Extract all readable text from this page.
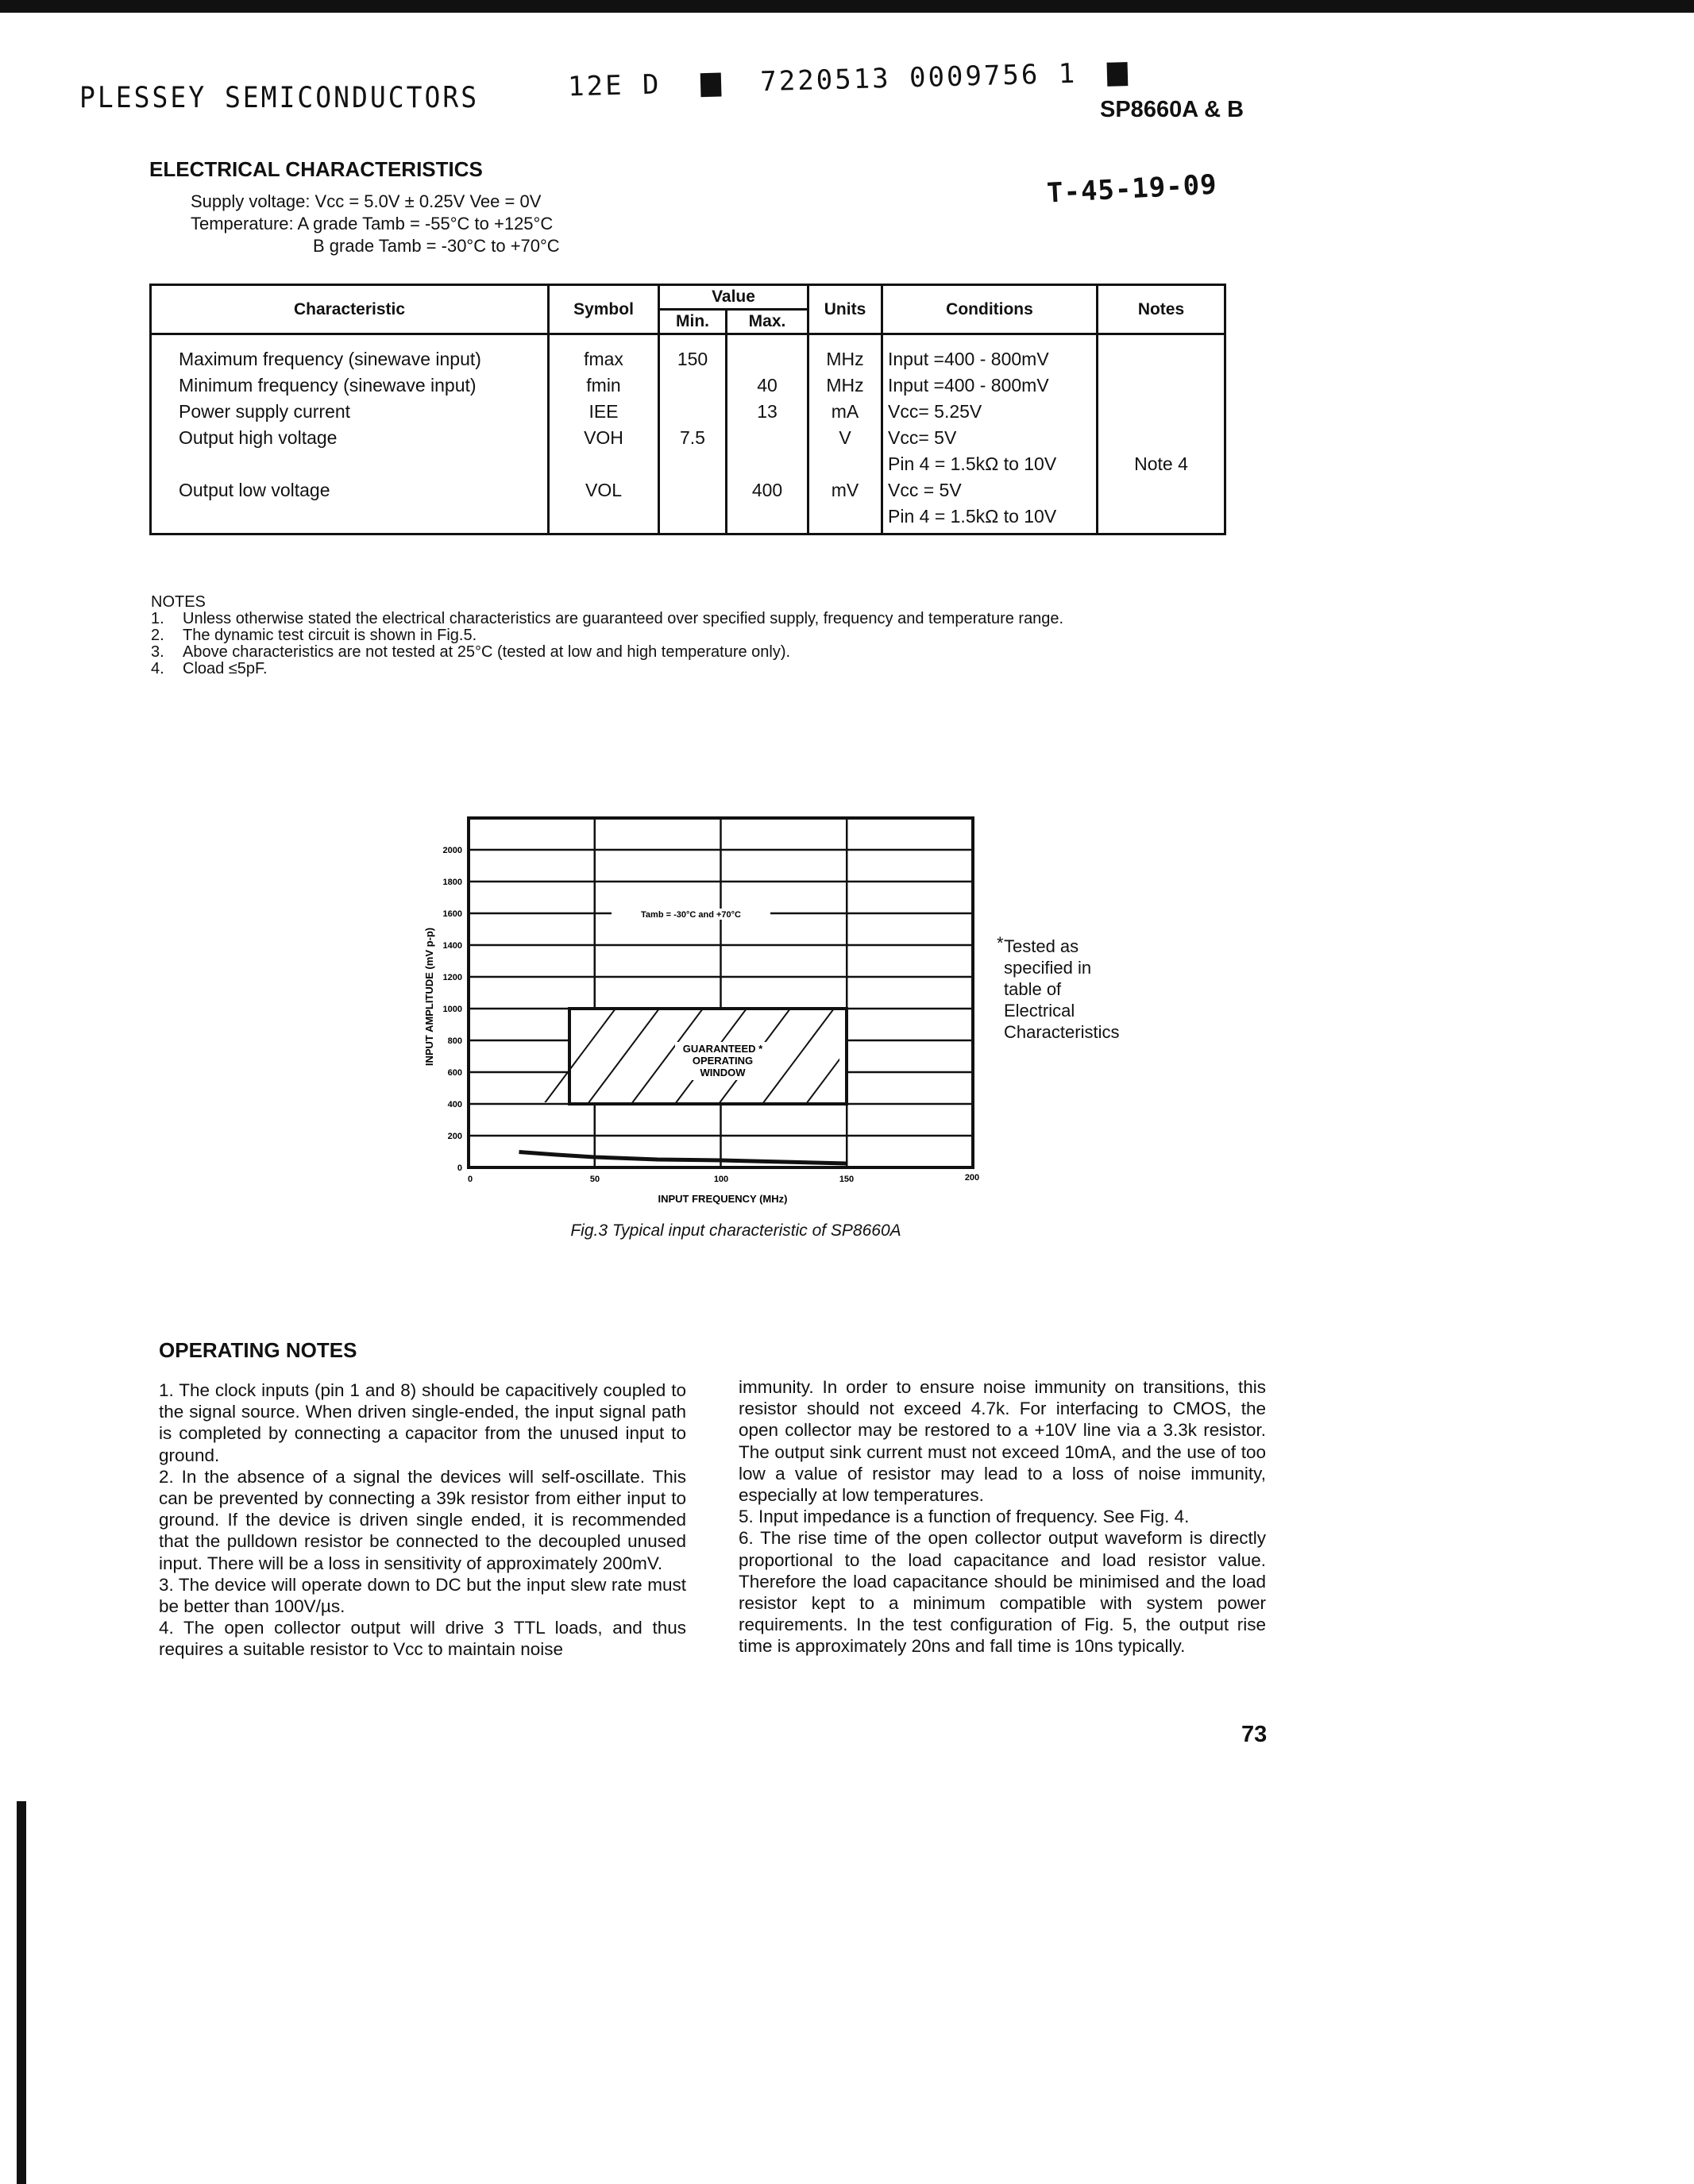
PLESSEY SEMICONDUCTORS	12E D	7220513 0009756 1
SP8660A & B
T-45-19-09
ELECTRICAL CHARACTERISTICS
Supply voltage: Vcc = 5.0V ± 0.25V Vee = 0V
Temperature: A grade Tamb = -55°C to +125°C
B grade Tamb = -30°C to +70°C
Characteristic	Symbol	Value		Units	Conditions	Notes
		Min.	Max.			
Maximum frequency (sinewave input)	fmax	150		MHz	Input =400 - 800mV	
Minimum frequency (sinewave input)	fmin		40	MHz	Input =400 - 800mV	
Power supply current	IEE		13	mA	Vcc= 5.25V	
Output high voltage	VOH	7.5		V	Vcc= 5V	
					Pin 4 = 1.5kΩ to 10V	Note 4
Output low voltage	VOL		400	mV	Vcc = 5V	
					Pin 4 = 1.5kΩ to 10V	
NOTES
1.	Unless otherwise stated the electrical characteristics are guaranteed over specified supply, frequency and temperature range.
2.	The dynamic test circuit is shown in Fig.5.
3.	Above characteristics are not tested at 25°C (tested at low and high temperature only).
4.	Cload ≤5pF.
GUARANTEED *
OPERATING
WINDOW
Tamb = -30°C and +70°C
0
200
400
600
800
1000
1200
1400
1600
1800
2000
0	50	100	150	200
INPUT FREQUENCY (MHz)
INPUT AMPLITUDE (mV p-p)	* Tested as
specified in
table of
Electrical
Characteristics
Fig.3 Typical input characteristic of SP8660A
OPERATING NOTES

1. The clock inputs (pin 1 and 8) should be capacitively coupled to the signal source. When driven single-ended, the input signal path is completed by connecting a capacitor from the unused input to ground.

2. In the absence of a signal the devices will self-oscillate. This can be prevented by connecting a 39k resistor from either input to ground. If the device is driven single ended, it is recommended that the pulldown resistor be connected to the decoupled unused input. There will be a loss in sensitivity of approximately 200mV.

3. The device will operate down to DC but the input slew rate must be better than 100V/µs.

4. The open collector output will drive 3 TTL loads, and thus requires a suitable resistor to Vcc to maintain noise

immunity. In order to ensure noise immunity on transitions, this resistor should not exceed 4.7k. For interfacing to CMOS, the open collector may be restored to a +10V line via a 3.3k resistor. The output sink current must not exceed 10mA, and the use of too low a value of resistor may lead to a loss of noise immunity, especially at low temperatures.

5. Input impedance is a function of frequency. See Fig. 4.

6. The rise time of the open collector output waveform is directly proportional to the load capacitance and load resistor value. Therefore the load capacitance should be minimised and the load resistor kept to a minimum compatible with system power requirements. In the test configuration of Fig. 5, the output rise time is approximately 20ns and fall time is 10ns typically.

73
